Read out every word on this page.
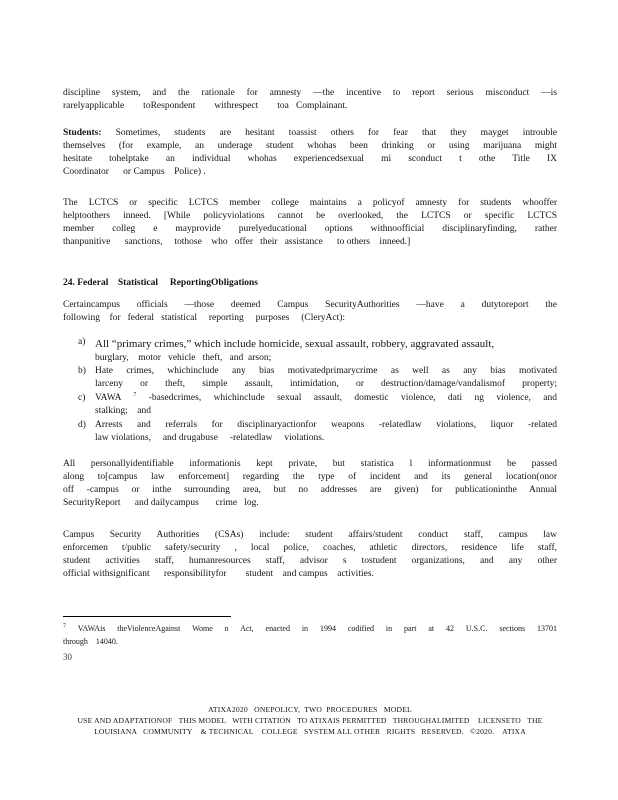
discipline system, and the rationale for amnesty —the incentive to report serious misconduct —is
rarelyapplicable        toRespondent        withrespect        toa   Complainant.
Students: Sometimes, students are hesitant toassist others for fear that they mayget introuble
themselves (for example, an underage student whohas been drinking or using marijuana might
hesitate tohelptake an individual whohas experiencedsexual mi sconduct t othe Title IX
Coordinator      or Campus    Police) .
The LCTCS or specific LCTCS member college maintains a policyof amnesty for students whooffer
helptoothers inneed. [While policyviolations cannot be overlooked, the LCTCS or specific LCTCS
member colleg e mayprovide purelyeducational options withnoofficial disciplinaryfinding, rather
thanpunitive      sanctions,     tothose    who   offer   their   assistance      to others    inneed.]
24. Federal    Statistical     ReportingObligations
Certaincampus officials —those deemed Campus SecurityAuthorities —have a dutytoreport the
following    for   federal   statistical     reporting     purposes     (CleryAct):
a) All “primary crimes,” which include homicide, sexual assault, robbery, aggravated assault,
burglary,    motor   vehicle   theft,   and  arson;
b) Hate crimes, whichinclude any bias motivatedprimarycrime as well as any bias motivated
larceny or theft, simple assault, intimidation, or destruction/damage/vandalismof property;
c) VAWA $^7$ -basedcrimes, whichinclude sexual assault, domestic violence, dati ng violence, and
stalking;    and
d) Arrests and referrals for disciplinaryactionfor weapons -relatedlaw violations, liquor -related
law violations,     and drugabuse     -relatedlaw     violations.
All personallyidentifiable informationis kept private, but statistica l informationmust be passed
along to[campus law enforcement] regarding the type of incident and its general location(onor
off -campus or inthe surrounding area, but no addresses are given) for publicationinthe Annual
SecurityReport      and dailycampus       crime   log.
Campus Security Authorities (CSAs) include: student affairs/student conduct staff, campus law
enforcemen t/public safety/security , local police, coaches, athletic directors, residence life staff,
student activities staff, humanresources staff, advisor s tostudent organizations, and any other
official withsignificant      responsibilityfor        student    and campus    activities.
$^7$ VAWAis theViolenceAgainst Wome n Act, enacted in 1994 codified in part at 42 U.S.C. sections 13701
through    14040.
30
ATIXA2020   ONEPOLICY,  TWO  PROCEDURES   MODEL
USE AND ADAPTATIONOF   THIS MODEL   WITH CITATION   TO ATIXAIS PERMITTED   THROUGHALIMITED    LICENSETO   THE
LOUISIANA   COMMUNITY    & TECHNICAL    COLLEGE   SYSTEM ALL OTHER   RIGHTS   RESERVED.   ©2020.    ATIXA
